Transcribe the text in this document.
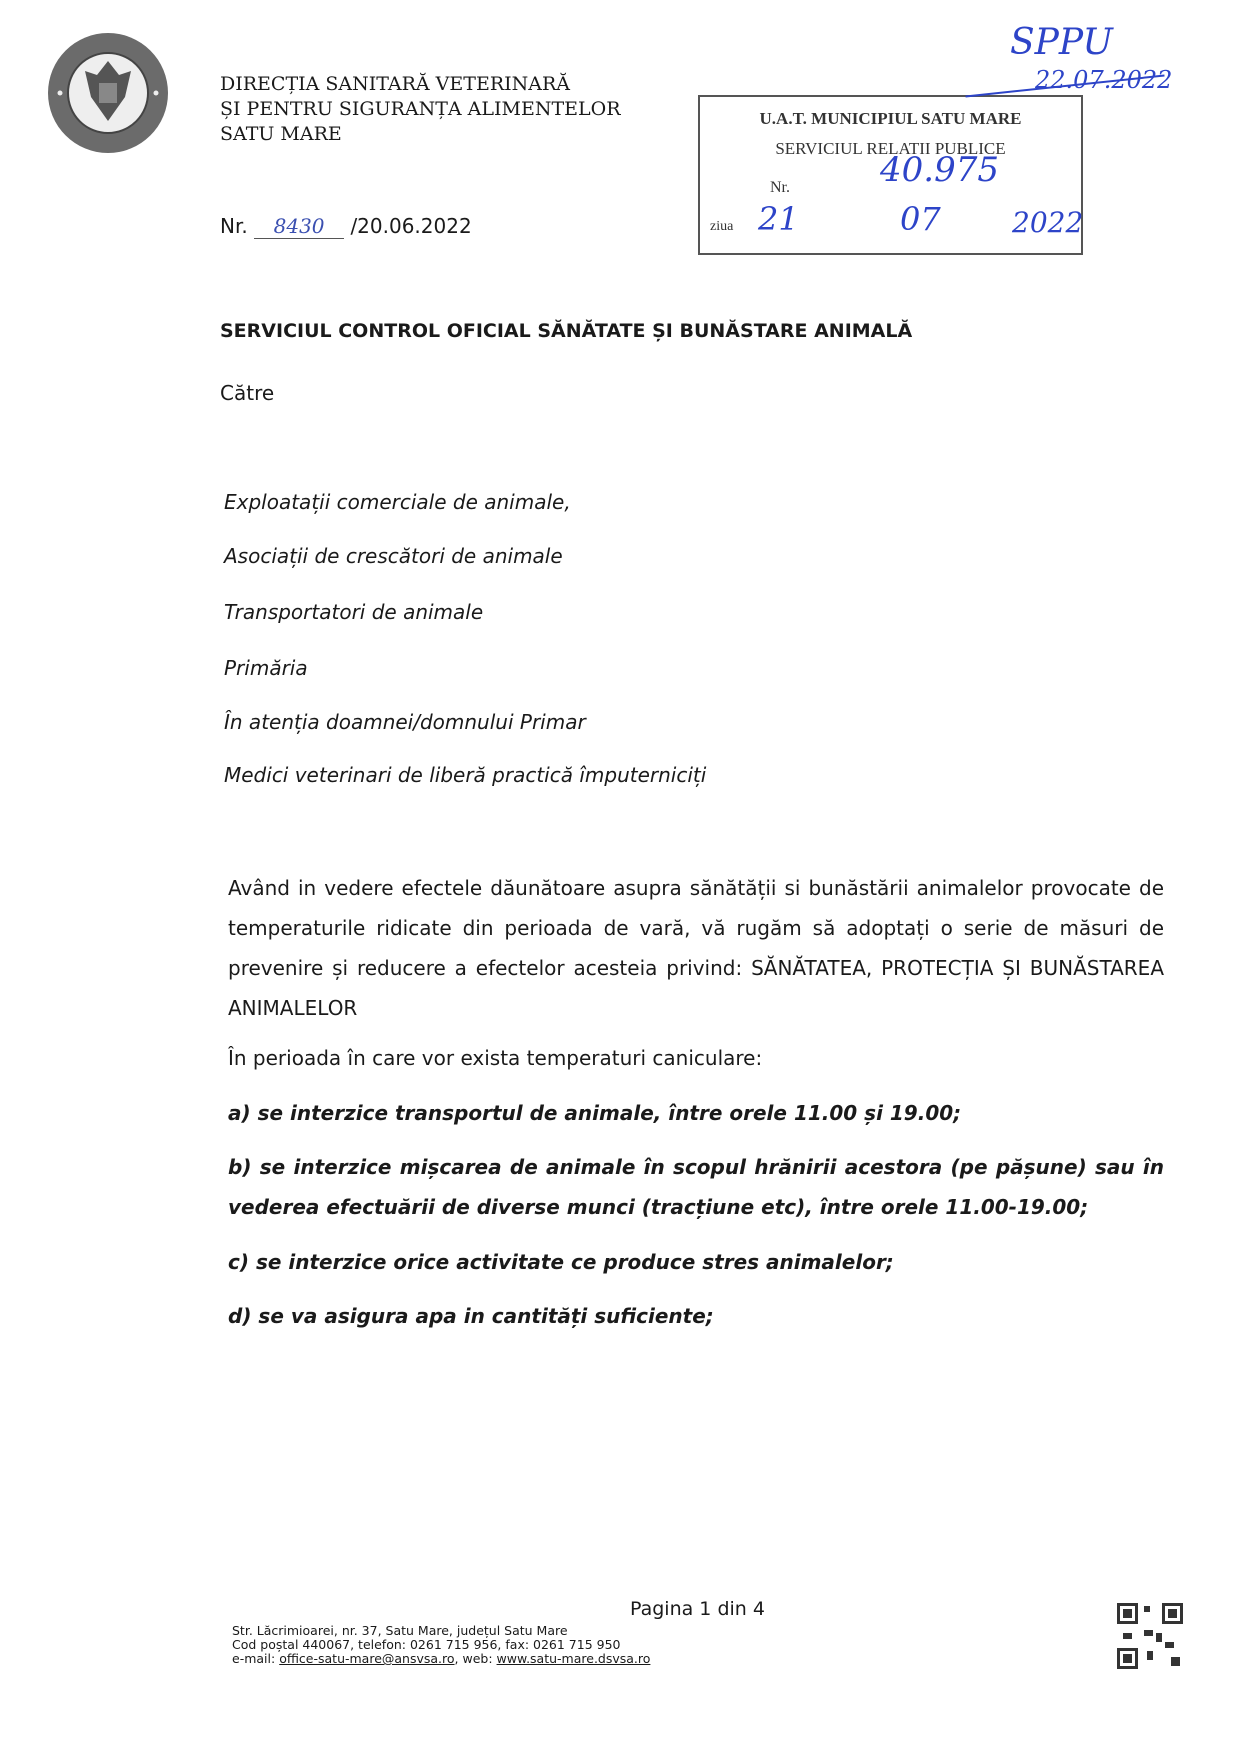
DIRECȚIA SANITARĂ VETERINARĂ
ȘI PENTRU SIGURANȚA ALIMENTELOR
SATU MARE
Nr. 8430 /20.06.2022
U.A.T. MUNICIPIUL SATU MARE
SERVICIUL RELATII PUBLICE
Nr.
ziua
40.975
21	07	2022
SPPU
22.07.2022
SERVICIUL CONTROL OFICIAL SĂNĂTATE ȘI BUNĂSTARE ANIMALĂ
Către
Exploatații comerciale de animale,
Asociații de crescători de animale
Transportatori de animale
Primăria
În atenția doamnei/domnului Primar
Medici veterinari de liberă practică împuterniciți
Având in vedere efectele dăunătoare asupra sănătății si bunăstării animalelor provocate de temperaturile ridicate din perioada de vară, vă rugăm să adoptați o serie de măsuri de prevenire și reducere a efectelor acesteia privind: SĂNĂTATEA, PROTECȚIA ȘI BUNĂSTAREA ANIMALELOR
În perioada în care vor exista temperaturi caniculare:
a) se interzice transportul de animale, între orele 11.00 și 19.00;
b) se interzice mișcarea de animale în scopul hrănirii acestora (pe pășune) sau în vederea efectuării de diverse munci (tracțiune etc), între orele 11.00-19.00;
c) se interzice orice activitate ce produce stres animalelor;
d) se va asigura apa in cantități suficiente;
Pagina 1 din 4
Str. Lăcrimioarei, nr. 37, Satu Mare, județul Satu Mare
Cod poștal 440067, telefon: 0261 715 956, fax: 0261 715 950
e-mail: office-satu-mare@ansvsa.ro, web: www.satu-mare.dsvsa.ro
